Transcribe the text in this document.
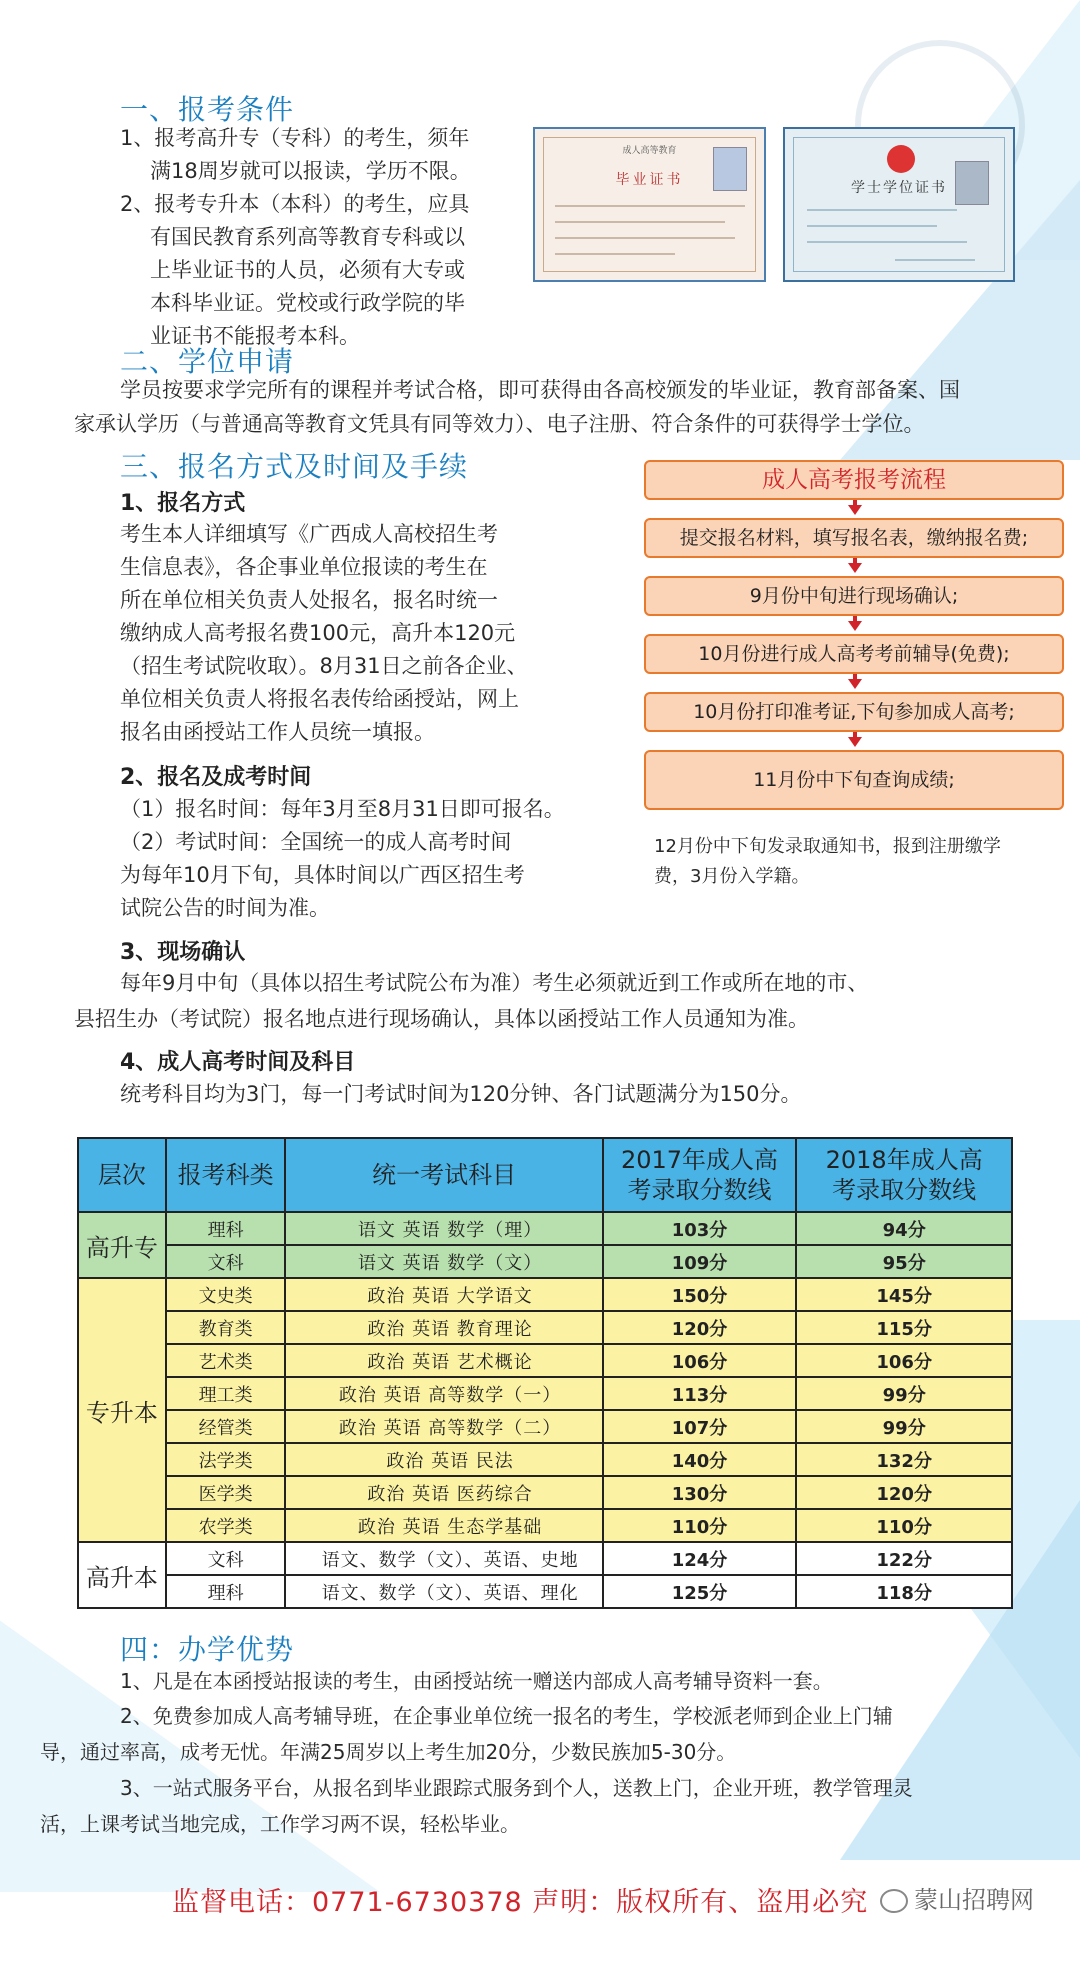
一、报考条件
1、报考高升专（专科）的考生，须年
满18周岁就可以报读，学历不限。
2、报考专升本（本科）的考生，应具
有国民教育系列高等教育专科或以
上毕业证书的人员，必须有大专或
本科毕业证。党校或行政学院的毕
业证书不能报考本科。
成人高等教育
毕业证书	学士学位证书
二、学位申请
学员按要求学完所有的课程并考试合格，即可获得由各高校颁发的毕业证，教育部备案、国
家承认学历（与普通高等教育文凭具有同等效力）、电子注册、符合条件的可获得学士学位。
三、报名方式及时间及手续
1、报名方式
考生本人详细填写《广西成人高校招生考
生信息表》，各企事业单位报读的考生在
所在单位相关负责人处报名，报名时统一
缴纳成人高考报名费100元，高升本120元
（招生考试院收取）。8月31日之前各企业、
单位相关负责人将报名表传给函授站，网上
报名由函授站工作人员统一填报。
2、报名及成考时间
（1）报名时间：每年3月至8月31日即可报名。
（2）考试时间：全国统一的成人高考时间
为每年10月下旬，具体时间以广西区招生考
试院公告的时间为准。
3、现场确认
每年9月中旬（具体以招生考试院公布为准）考生必须就近到工作或所在地的市、
县招生办（考试院）报名地点进行现场确认，具体以函授站工作人员通知为准。
4、成人高考时间及科目
统考科目均为3门，每一门考试时间为120分钟、各门试题满分为150分。
成人高考报考流程
提交报名材料，填写报名表，缴纳报名费;
9月份中旬进行现场确认;
10月份进行成人高考考前辅导(免费);
10月份打印准考证,下旬参加成人高考;
11月份中下旬查询成绩;
12月份中下旬发录取通知书，报到注册缴学
费，3月份入学籍。
层次	报考科类	统一考试科目	2017年成人高考录取分数线	2018年成人高考录取分数线
高升专	理科	语文 英语 数学（理）	103分	94分
	文科	语文 英语 数学（文）	109分	95分
专升本	文史类	政治 英语 大学语文	150分	145分
	教育类	政治 英语 教育理论	120分	115分
	艺术类	政治 英语 艺术概论	106分	106分
	理工类	政治 英语 高等数学（一）	113分	99分
	经管类	政治 英语 高等数学（二）	107分	99分
	法学类	政治 英语 民法	140分	132分
	医学类	政治 英语 医药综合	130分	120分
	农学类	政治 英语 生态学基础	110分	110分
高升本	文科	语文、数学（文）、英语、史地	124分	122分
	理科	语文、数学（文）、英语、理化	125分	118分
四：办学优势
1、凡是在本函授站报读的考生，由函授站统一赠送内部成人高考辅导资料一套。
2、免费参加成人高考辅导班，在企事业单位统一报名的考生，学校派老师到企业上门辅
导，通过率高，成考无忧。年满25周岁以上考生加20分，少数民族加5-30分。
3、一站式服务平台，从报名到毕业跟踪式服务到个人，送教上门，企业开班，教学管理灵
活，上课考试当地完成，工作学习两不误，轻松毕业。
监督电话：0771-6730378 声明：版权所有、盗用必究	蒙山招聘网
